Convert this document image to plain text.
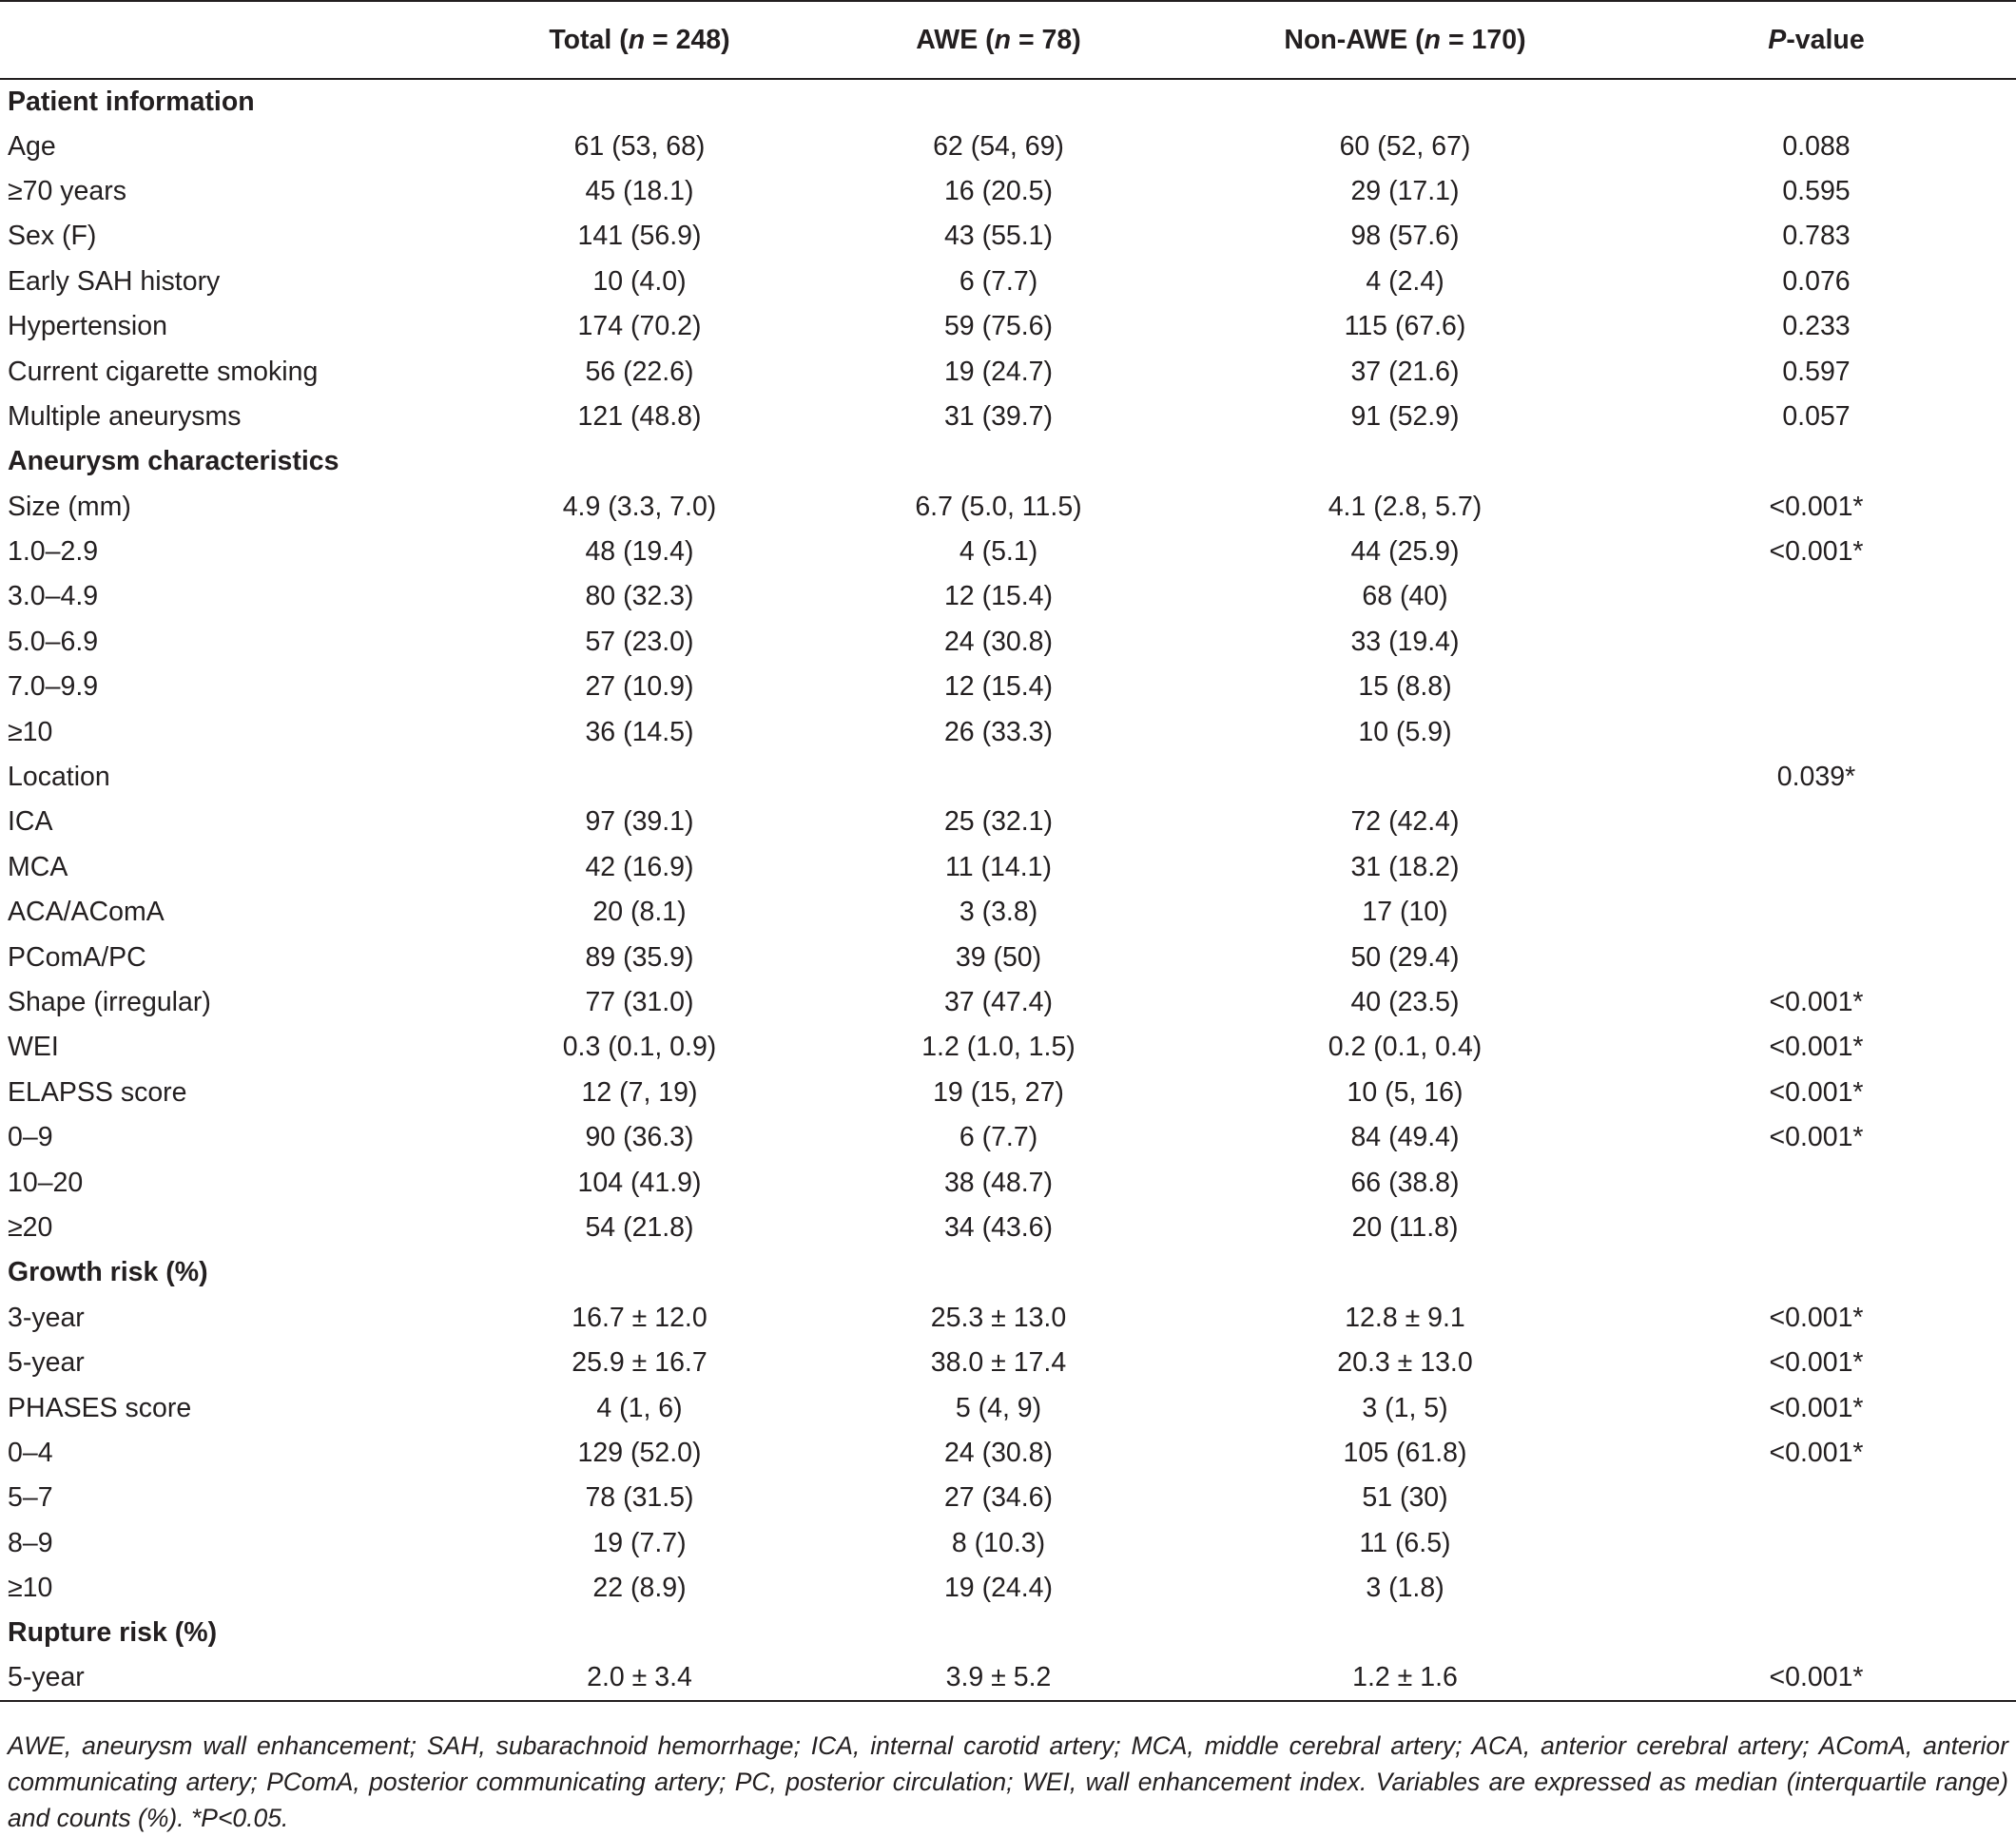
	Total (n = 248)	AWE (n = 78)	Non-AWE (n = 170)	P-value
Patient information				
Age	61 (53, 68)	62 (54, 69)	60 (52, 67)	0.088
≥70 years	45 (18.1)	16 (20.5)	29 (17.1)	0.595
Sex (F)	141 (56.9)	43 (55.1)	98 (57.6)	0.783
Early SAH history	10 (4.0)	6 (7.7)	4 (2.4)	0.076
Hypertension	174 (70.2)	59 (75.6)	115 (67.6)	0.233
Current cigarette smoking	56 (22.6)	19 (24.7)	37 (21.6)	0.597
Multiple aneurysms	121 (48.8)	31 (39.7)	91 (52.9)	0.057
Aneurysm characteristics				
Size (mm)	4.9 (3.3, 7.0)	6.7 (5.0, 11.5)	4.1 (2.8, 5.7)	<0.001*
1.0–2.9	48 (19.4)	4 (5.1)	44 (25.9)	<0.001*
3.0–4.9	80 (32.3)	12 (15.4)	68 (40)	
5.0–6.9	57 (23.0)	24 (30.8)	33 (19.4)	
7.0–9.9	27 (10.9)	12 (15.4)	15 (8.8)	
≥10	36 (14.5)	26 (33.3)	10 (5.9)	
Location				0.039*
ICA	97 (39.1)	25 (32.1)	72 (42.4)	
MCA	42 (16.9)	11 (14.1)	31 (18.2)	
ACA/AComA	20 (8.1)	3 (3.8)	17 (10)	
PComA/PC	89 (35.9)	39 (50)	50 (29.4)	
Shape (irregular)	77 (31.0)	37 (47.4)	40 (23.5)	<0.001*
WEI	0.3 (0.1, 0.9)	1.2 (1.0, 1.5)	0.2 (0.1, 0.4)	<0.001*
ELAPSS score	12 (7, 19)	19 (15, 27)	10 (5, 16)	<0.001*
0–9	90 (36.3)	6 (7.7)	84 (49.4)	<0.001*
10–20	104 (41.9)	38 (48.7)	66 (38.8)	
≥20	54 (21.8)	34 (43.6)	20 (11.8)	
Growth risk (%)				
3-year	16.7 ± 12.0	25.3 ± 13.0	12.8 ± 9.1	<0.001*
5-year	25.9 ± 16.7	38.0 ± 17.4	20.3 ± 13.0	<0.001*
PHASES score	4 (1, 6)	5 (4, 9)	3 (1, 5)	<0.001*
0–4	129 (52.0)	24 (30.8)	105 (61.8)	<0.001*
5–7	78 (31.5)	27 (34.6)	51 (30)	
8–9	19 (7.7)	8 (10.3)	11 (6.5)	
≥10	22 (8.9)	19 (24.4)	3 (1.8)	
Rupture risk (%)				
5-year	2.0 ± 3.4	3.9 ± 5.2	1.2 ± 1.6	<0.001*
AWE, aneurysm wall enhancement; SAH, subarachnoid hemorrhage; ICA, internal carotid artery; MCA, middle cerebral artery; ACA, anterior cerebral artery; AComA, anterior communicating artery; PComA, posterior communicating artery; PC, posterior circulation; WEI, wall enhancement index. Variables are expressed as median (interquartile range) and counts (%). *P<0.05.
